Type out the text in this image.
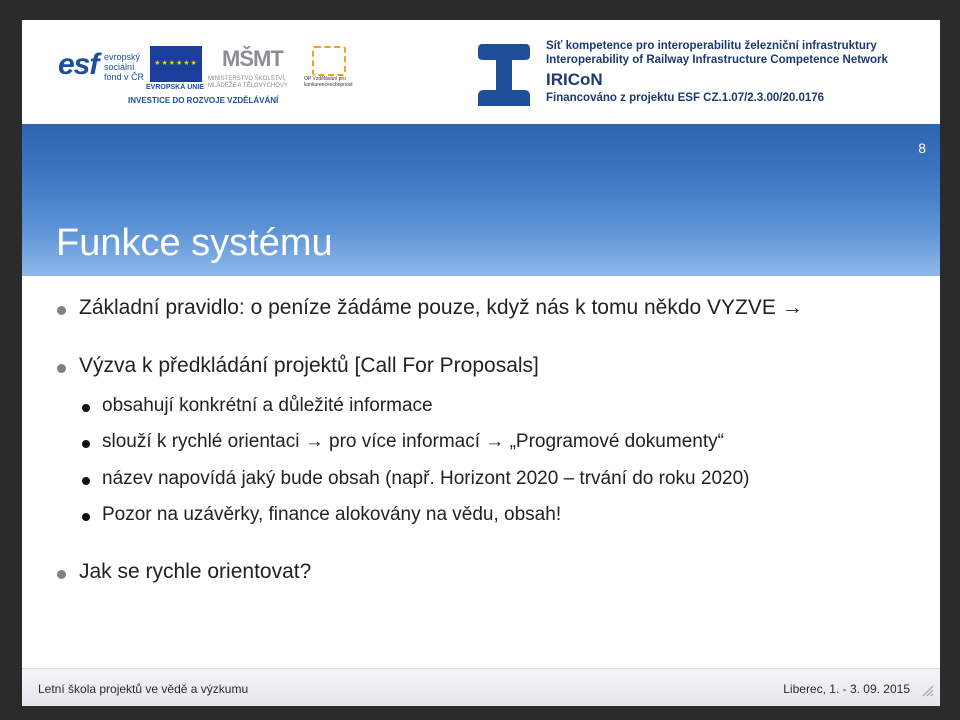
esf evropský sociální fond v ČR
★★★★★★
EVROPSKÁ UNIE
MŠMT
MINISTERSTVO ŠKOLSTVÍ, MLÁDEŽE A TĚLOVÝCHOVY
OP Vzdělávání pro konkurenceschopnost
INVESTICE DO ROZVOJE VZDĚLÁVÁNÍ
Síť kompetence pro interoperabilitu železniční infrastruktury
Interoperability of Railway Infrastructure Competence Network
IRICoN
Financováno z projektu ESF CZ.1.07/2.3.00/20.0176
8
Funkce systému
Základní pravidlo: o peníze žádáme pouze, když nás k tomu někdo VYZVE →
Výzva k předkládání projektů [Call For Proposals]
obsahují konkrétní a důležité informace
slouží k rychlé orientaci → pro více informací → „Programové dokumenty“
název napovídá jaký bude obsah (např. Horizont 2020 – trvání do roku 2020)
Pozor na uzávěrky, finance alokovány na vědu, obsah!
Jak se rychle orientovat?
Letní škola projektů ve vědě a výzkumu	Liberec, 1. - 3. 09. 2015
